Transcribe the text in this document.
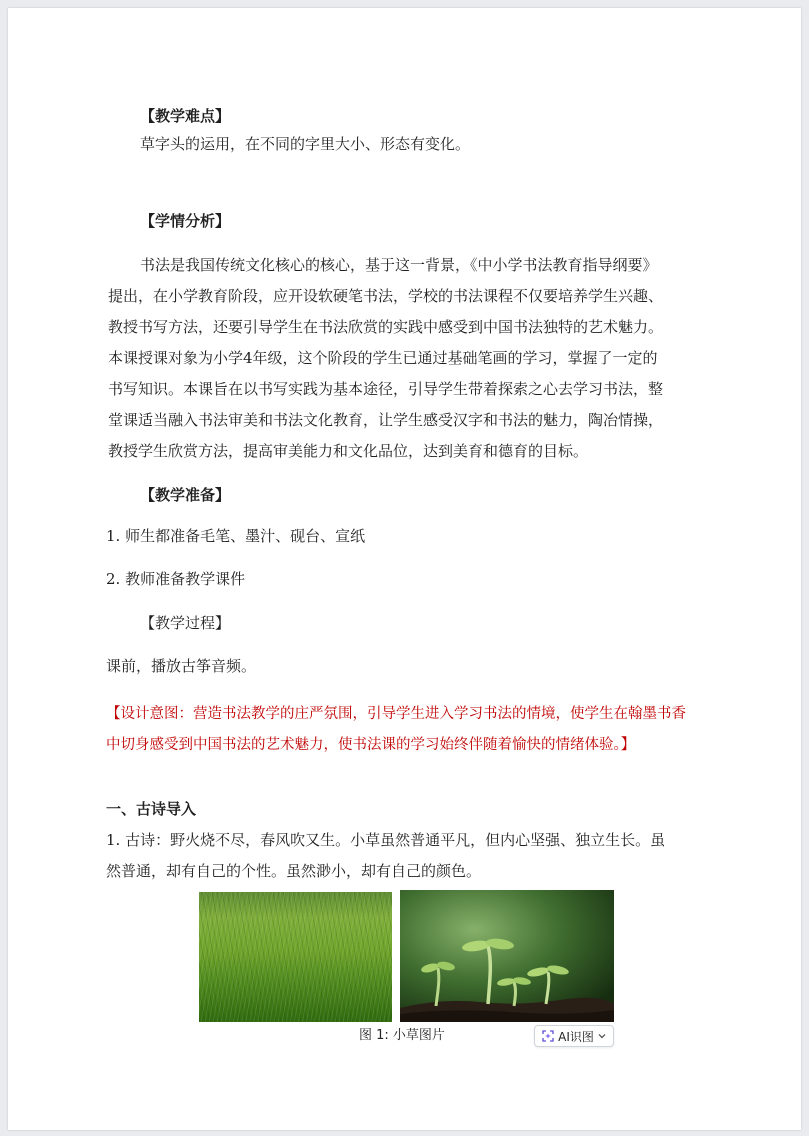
【教学难点】
草字头的运用，在不同的字里大小、形态有变化。
【学情分析】
书法是我国传统文化核心的核心，基于这一背景，《中小学书法教育指导纲要》
提出，在小学教育阶段，应开设软硬笔书法，学校的书法课程不仅要培养学生兴趣、
教授书写方法，还要引导学生在书法欣赏的实践中感受到中国书法独特的艺术魅力。
本课授课对象为小学4年级，这个阶段的学生已通过基础笔画的学习，掌握了一定的
书写知识。本课旨在以书写实践为基本途径，引导学生带着探索之心去学习书法，整
堂课适当融入书法审美和书法文化教育，让学生感受汉字和书法的魅力，陶冶情操，
教授学生欣赏方法，提高审美能力和文化品位，达到美育和德育的目标。
【教学准备】
1. 师生都准备毛笔、墨汁、砚台、宣纸
2. 教师准备教学课件
【教学过程】
课前，播放古筝音频。
【设计意图：营造书法教学的庄严氛围，引导学生进入学习书法的情境，使学生在翰墨书香
中切身感受到中国书法的艺术魅力，使书法课的学习始终伴随着愉快的情绪体验。】
一、古诗导入
1. 古诗：野火烧不尽，春风吹又生。小草虽然普通平凡，但内心坚强、独立生长。虽
然普通，却有自己的个性。虽然渺小，却有自己的颜色。
图 1: 小草图片	AI识图
